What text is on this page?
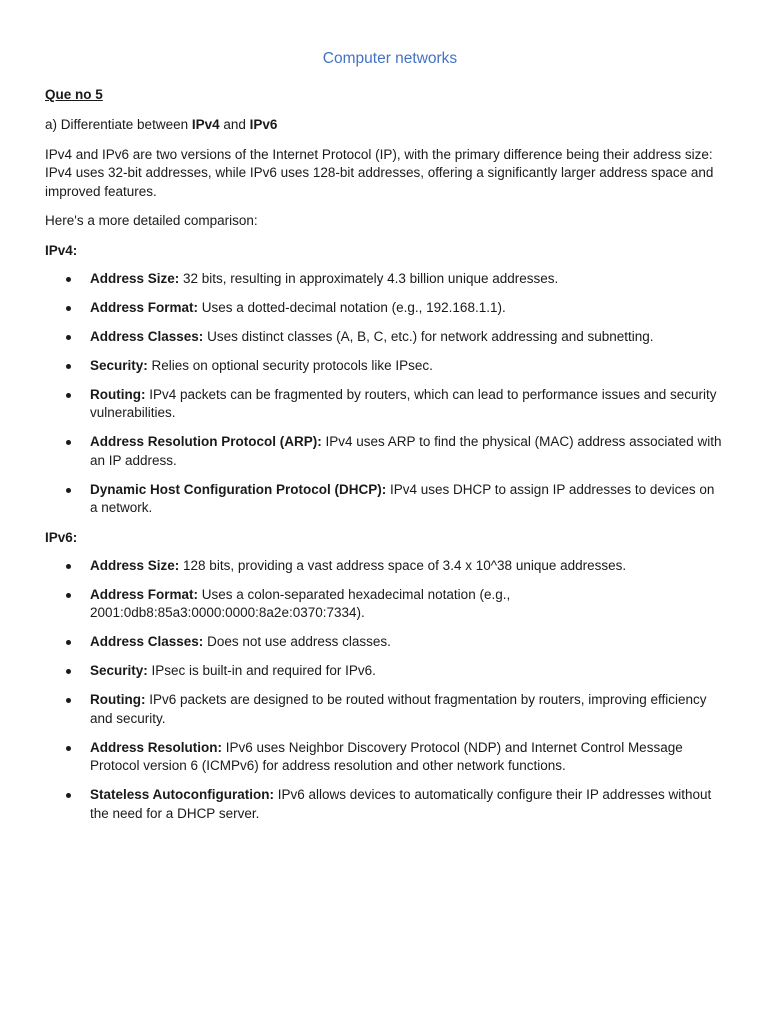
Computer networks
Que no 5

a) Differentiate between IPv4 and IPv6

IPv4 and IPv6 are two versions of the Internet Protocol (IP), with the primary difference being their address size: IPv4 uses 32-bit addresses, while IPv6 uses 128-bit addresses, offering a significantly larger address space and improved features.

Here's a more detailed comparison:

IPv4:
Address Size: 32 bits, resulting in approximately 4.3 billion unique addresses.
Address Format: Uses a dotted-decimal notation (e.g., 192.168.1.1).
Address Classes: Uses distinct classes (A, B, C, etc.) for network addressing and subnetting.
Security: Relies on optional security protocols like IPsec.
Routing: IPv4 packets can be fragmented by routers, which can lead to performance issues and security vulnerabilities.
Address Resolution Protocol (ARP): IPv4 uses ARP to find the physical (MAC) address associated with an IP address.
Dynamic Host Configuration Protocol (DHCP): IPv4 uses DHCP to assign IP addresses to devices on a network.
IPv6:
Address Size: 128 bits, providing a vast address space of 3.4 x 10^38 unique addresses.
Address Format: Uses a colon-separated hexadecimal notation (e.g., 2001:0db8:85a3:0000:0000:8a2e:0370:7334).
Address Classes: Does not use address classes.
Security: IPsec is built-in and required for IPv6.
Routing: IPv6 packets are designed to be routed without fragmentation by routers, improving efficiency and security.
Address Resolution: IPv6 uses Neighbor Discovery Protocol (NDP) and Internet Control Message Protocol version 6 (ICMPv6) for address resolution and other network functions.
Stateless Autoconfiguration: IPv6 allows devices to automatically configure their IP addresses without the need for a DHCP server.
